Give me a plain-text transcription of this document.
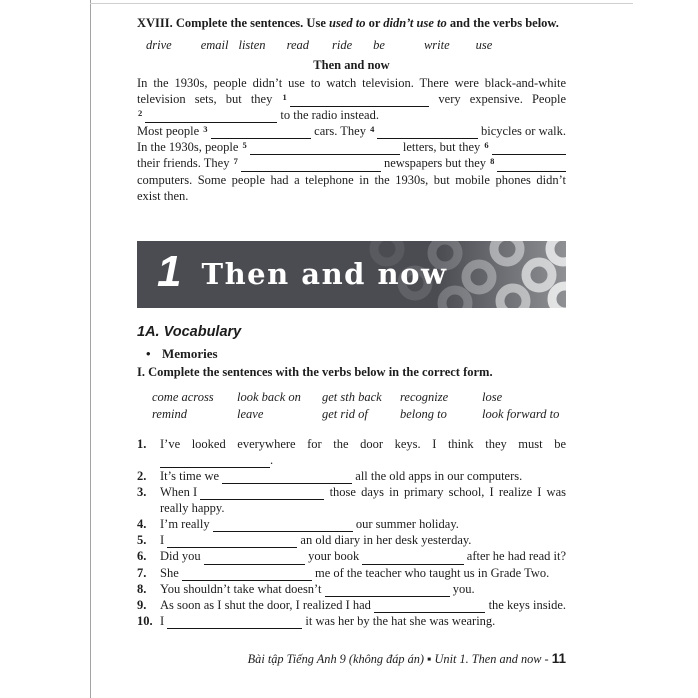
XVIII. Complete the sentences. Use used to or didn’t use to and the verbs below.
drive email listen read ride be	write use
Then and now
In the 1930s, people didn’t use to watch television. There were black-and-white
television sets, but they 1	very expensive. People
2	to the radio instead.
Most people 3	cars. They 4	bicycles or walk.
In the 1930s, people 5	letters, but they 6
their friends. They 7	newspapers but they 8
computers. Some people had a telephone in the 1930s, but mobile phones didn’t
exist then.
1 Then and now
1A. Vocabulary
• Memories
I. Complete the sentences with the verbs below in the correct form.
come across	look back on	get sth back	recognize	lose
remind	leave	get rid of	belong to	look forward to
1.	I’ve looked everywhere for the door keys. I think they must be
.
2.	It’s time we	all the old apps in our computers.
3.	When I	those days in primary school, I realize I was
really happy.
4.	I’m really	our summer holiday.
5.	I	an old diary in her desk yesterday.
6.	Did you	your book	after he had read it?
7.	She	me of the teacher who taught us in Grade Two.
8.	You shouldn’t take what doesn’t	you.
9.	As soon as I shut the door, I realized I had	the keys inside.
10. I	it was her by the hat she was wearing.
Bài tập Tiếng Anh 9 (không đáp án) ▪ Unit 1. Then and now - 11
